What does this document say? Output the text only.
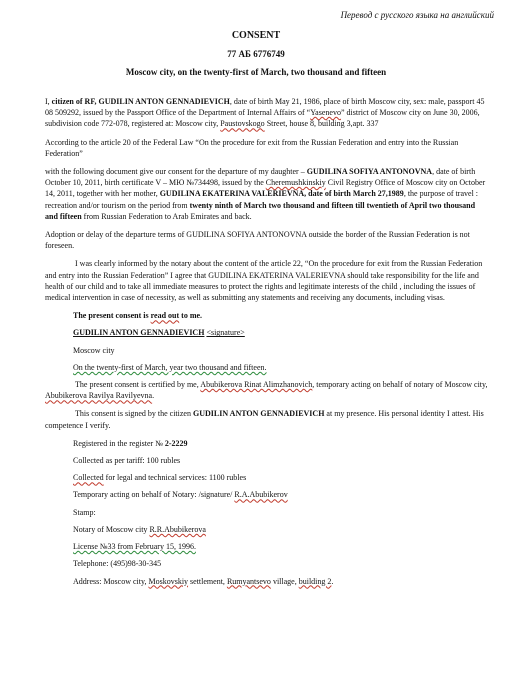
Перевод с русского языка на английский
CONSENT
77 АБ 6776749
Moscow city, on the twenty-first of March, two thousand and fifteen

I, citizen of RF, GUDILIN ANTON GENNADIEVICH, date of birth May 21, 1986, place of birth Moscow city, sex: male, passport 45 08 509292, issued by the Passport Office of the Department of Internal Affairs of “Yasenevo” district of Moscow city on June 30, 2006, subdivision code 772-078, registered at: Moscow city, Paustovskogo Street, house 8, building 3,apt. 337

According to the article 20 of the Federal Law “On the procedure for exit from the Russian Federation and entry into the Russian Federation”

with the following document give our consent for the departure of my daughter – GUDILINA SOFIYA ANTONOVNA, date of birth October 10, 2011, birth certificate V – МЮ №734498, issued by the Cheremushkinskiy Civil Registry Office of Moscow city on October 14, 2011, together with her mother, GUDILINA EKATERINA VALERIEVNA, date of birth March 27,1989, the purpose of travel : recreation and/or tourism on the period from twenty ninth of March two thousand and fifteen till twentieth of April two thousand and fifteen from Russian Federation to Arab Emirates and back.

Adoption or delay of the departure terms of GUDILINA SOFIYA ANTONOVNA outside the border of the Russian Federation is not foreseen.

I was clearly informed by the notary about the content of the article 22, “On the procedure for exit from the Russian Federation and entry into the Russian Federation” I agree that GUDILINA EKATERINA VALERIEVNA should take responsibility for the life and health of our child and to take all immediate measures to protect the rights and legitimate interests of the child , including the issues of medical intervention in case of necessity, as well as submitting any statements and receiving any documents, including visas.

The present consent is read out to me.
GUDILIN ANTON GENNADIEVICH <signature>
Moscow city
On the twenty-first of March, year two thousand and fifteen.

The present consent is certified by me, Abubikerova Rinat Alimzhanovich, temporary acting on behalf of notary of Moscow city, Abubikerova Ravilya Ravilyevna.

This consent is signed by the citizen GUDILIN ANTON GENNADIEVICH at my presence. His personal identity I attest. His competence I verify.

Registered in the register № 2-2229
Collected as per tariff: 100 rubles
Collected for legal and technical services: 1100 rubles
Temporary acting on behalf of Notary: /signature/ R.A.Abubikerov
Stamp:
Notary of Moscow city R.R.Abubikerova
License №33 from February 15, 1996.
Telephone: (495)98-30-345
Address: Moscow city, Moskovskiy settlement, Rumyantsevo village, building 2.
